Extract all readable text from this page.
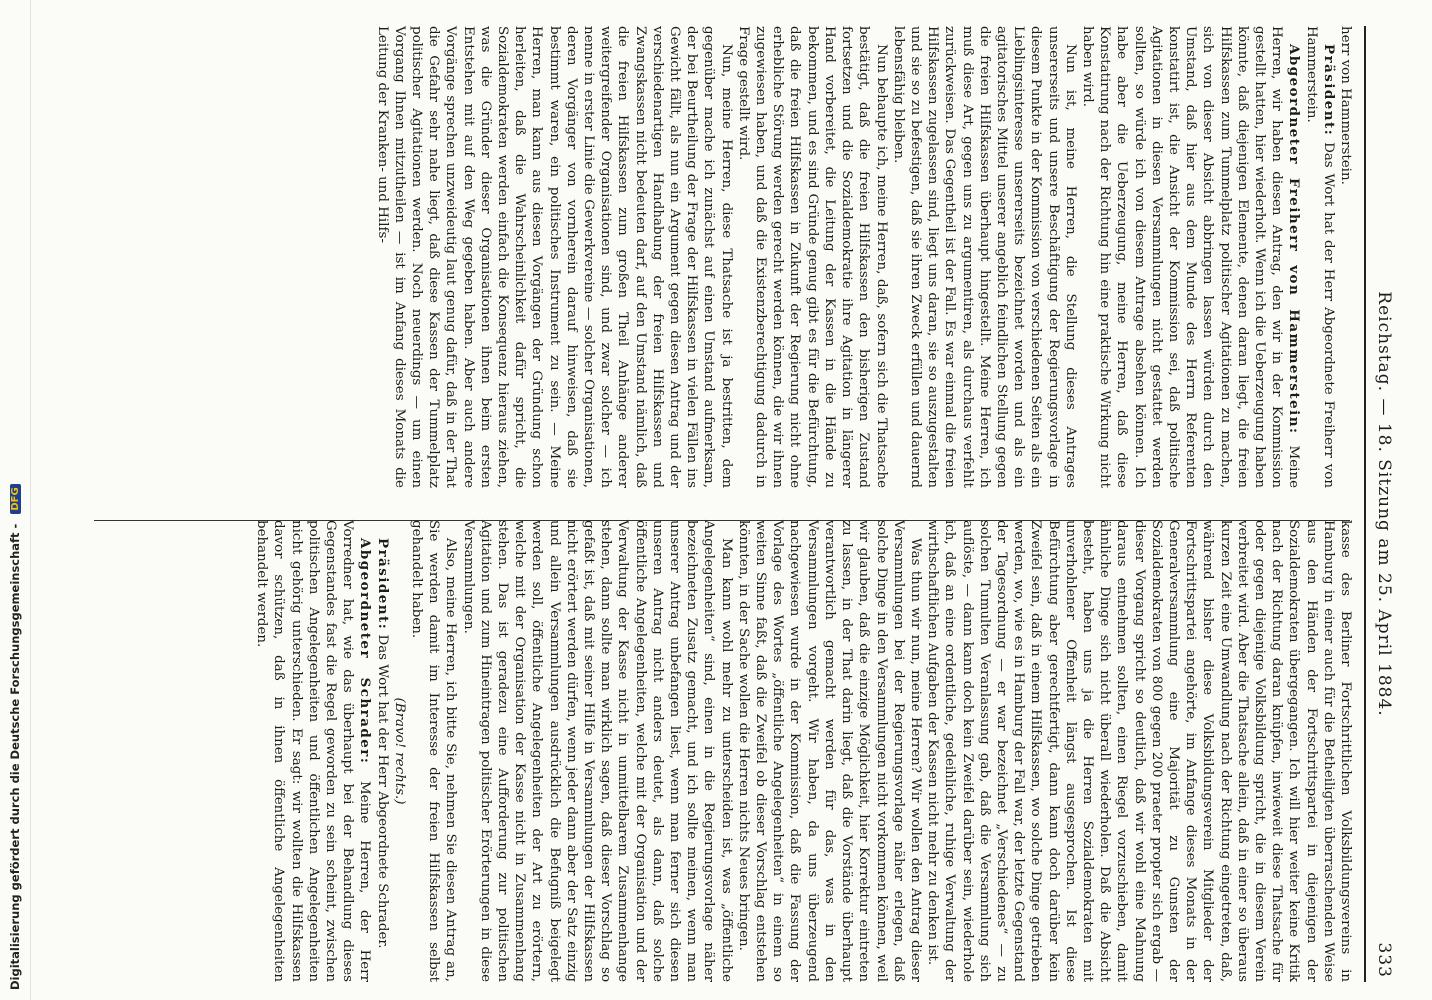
Digitalisierung gefördert durch die Deutsche Forschungsgemeinschaft - DFG	Reichstag. — 18. Sitzung am 25. April 1884.
333

herr von Hammerstein.

Präsident: Das Wort hat der Herr Abgeordnete Freiherr von Hammerstein.

Abgeordneter Freiherr von Hammerstein: Meine Herren, wir haben diesen Antrag, den wir in der Kommission gestellt hatten, hier wiederholt. Wenn ich die Ueberzeugung haben könnte, daß diejenigen Elemente, denen daran liegt, die freien Hilfskassen zum Tummelplatz politischer Agitationen zu machen, sich von dieser Absicht abbringen lassen würden durch den Umstand, daß hier aus dem Munde des Herrn Referenten konstatirt ist, die Ansicht der Kommission sei, daß politische Agitationen in diesen Versammlungen nicht gestattet werden sollten, so würde ich von diesem Antrage absehen können. Ich habe aber die Ueberzeugung, meine Herren, daß diese Konstatirung nach der Richtung hin eine praktische Wirkung nicht haben wird.

Nun ist, meine Herren, die Stellung dieses Antrages unsererseits und unsere Beschäftigung der Regierungsvorlage in diesem Punkte in der Kommission von verschiedenen Seiten als ein Lieblingsinteresse unsererseits bezeichnet worden und als ein agitatorisches Mittel unserer angeblich feindlichen Stellung gegen die freien Hilfskassen überhaupt hingestellt. Meine Herren, ich muß diese Art, gegen uns zu argumentiren, als durchaus verfehlt zurückweisen. Das Gegentheil ist der Fall. Es war einmal die freien Hilfskassen zugelassen sind, liegt uns daran, sie so auszugestalten und sie so zu befestigen, daß sie ihren Zweck erfüllen und dauernd lebensfähig bleiben.

Nun behaupte ich, meine Herren, daß, sofern sich die Thatsache bestätigt, daß die freien Hilfskassen den bisherigen Zustand fortsetzen und die Sozialdemokratie ihre Agitation in längerer Hand vorbereitet, die Leitung der Kassen in die Hände zu bekommen, und es sind Gründe genug gibt es für die Befürchtung, daß die freien Hilfskassen in Zukunft der Regierung nicht ohne erhebliche Störung werden gerecht werden können, die wir ihnen zugewiesen haben, und daß die Existenzberechtigung dadurch in Frage gestellt wird.

Nun, meine Herren, diese Thatsache ist ja bestritten, dem gegenüber mache ich zunächst auf einen Umstand aufmerksam, der bei Beurtheilung der Frage der Hilfskassen in vielen Fällen ins Gewicht fällt, als nun ein Argument gegen diesen Antrag und der verschiedenartigen Handhabung der freien Hilfskassen und Zwangskassen nicht bedeuten darf, auf den Umstand nämlich, daß die freien Hilfskassen zum großen Theil Anhänge anderer weitergreifender Organisationen sind, und zwar solcher — ich nenne in erster Linie die Gewerkvereine — solcher Organisationen, deren Vorgänger von vornherein darauf hinweisen, daß sie bestimmt waren, ein politisches Instrument zu sein. — Meine Herren, man kann aus diesen Vorgängen der Gründung schon herleiten, daß die Wahrscheinlichkeit dafür spricht, die Sozialdemokraten werden einfach die Konsequenz hieraus ziehen, was die Gründer dieser Organisationen ihnen beim ersten Entstehen mit auf den Weg gegeben haben. Aber auch andere Vorgänge sprechen unzweideutig laut genug dafür, daß in der That die Gefahr sehr nahe liegt, daß diese Kassen der Tummelplatz politischer Agitationen werden. Noch neuerdings — um einen Vorgang Ihnen mitzutheilen — ist im Anfang dieses Monats die Leitung der Kranken- und Hilfs-

kasse des Berliner Fortschrittlichen Volksbildungsvereins in Hamburg in einer auch für die Betheiligten überraschenden Weise aus den Händen der Fortschrittspartei in diejenigen der Sozialdemokraten übergegangen. Ich will hier weiter keine Kritik nach der Richtung daran knüpfen, inwieweit diese Thatsache für oder gegen diejenige Volksbildung spricht, die in diesem Verein verbreitet wird. Aber die Thatsache allein, daß in einer so überaus kurzen Zeit eine Umwandlung nach der Richtung eingetreten, daß, während bisher diese Volksbildungsverein Mitglieder der Fortschrittspartei angehörte, im Anfange dieses Monats in der Generalversammlung eine Majorität zu Gunsten der Sozialdemokraten von 800 gegen 200 praeter propter sich ergab — dieser Vorgang spricht so deutlich, daß wir wohl eine Mahnung daraus entnehmen sollten, einen Riegel vorzuschieben, damit ähnliche Dinge sich nicht überall wiederholen. Daß die Absicht besteht, haben uns ja die Herren Sozialdemokraten mit unverhohlener Offenheit längst ausgesprochen. Ist diese Befürchtung aber gerechtfertigt, dann kann doch darüber kein Zweifel sein, daß in einem Hilfskassen, wo solche Dinge getrieben werden, wo, wie es in Hamburg der Fall war, der letzte Gegenstand der Tagesordnung — er war bezeichnet „Verschiedenes“ — zu solchen Tumulten Veranlassung gab, daß die Versammlung sich auflöste, — dann kann doch kein Zweifel darüber sein, wiederhole ich, daß an eine ordentliche, gedeihliche, ruhige Verwaltung der wirthschaftlichen Aufgaben der Kassen nicht mehr zu denken ist.

Was thun wir nun, meine Herren? Wir wollen den Antrag dieser Versammlungen bei der Regierungsvorlage näher erlegen, daß solche Dinge in den Versammlungen nicht vorkommen können, weil wir glauben, daß die einzige Möglichkeit, hier Korrektur eintreten zu lassen, in der That darin liegt, daß die Vorstände überhaupt verantwortlich gemacht werden für das, was in den Versammlungen vorgeht. Wir haben, da uns überzeugend nachgewiesen wurde in der Kommission, daß die Fassung der Vorlage des Wortes „öffentliche Angelegenheiten“ in einem so weiten Sinne faßt, daß die Zweifel ob dieser Vorschlag entstehen könnten, in der Sache wollen die Herren nichts Neues bringen.

Man kann wohl mehr zu unterscheiden ist, was „öffentliche Angelegenheiten“ sind, einen in die Regierungsvorlage näher bezeichneten Zusatz gemacht, und ich sollte meinen, wenn man unserer Antrag unbefangen liest, wenn man ferner sich diesen unseren Antrag nicht anders deutet, als dann, daß solche öffentliche Angelegenheiten, welche mit der Organisation und der Verwaltung der Kasse nicht in unmittelbarem Zusammenhange stehen, dann sollte man wirklich sagen, daß dieser Vorschlag so gefaßt ist, daß mit seiner Hilfe in Versammlungen der Hilfskassen nicht erörtert werden dürfen, wenn jeder dann aber der Satz einzig und allein Versammlungen ausdrücklich die Befugniß beigelegt werden soll, öffentliche Angelegenheiten der Art zu erörtern, welche mit der Organisation der Kasse nicht in Zusammenhang stehen. Das ist geradezu eine Aufforderung zur politischen Agitation und zum Hineintragen politischer Erörterungen in diese Versammlungen.

Also, meine Herren, ich bitte Sie, nehmen Sie diesen Antrag an, Sie werden damit im Interesse der freien Hilfskassen selbst gehandelt haben.

(Bravo! rechts.)

Präsident: Das Wort hat der Herr Abgeordnete Schrader.

Abgeordneter Schrader: Meine Herren, der Herr Vorredner hat, wie das überhaupt bei der Behandlung dieses Gegenstandes fast die Regel geworden zu sein scheint, zwischen politischen Angelegenheiten und öffentlichen Angelegenheiten nicht gehörig unterschieden. Er sagt: wir wollten die Hilfskassen davor schützen, daß in ihnen öffentliche Angelegenheiten behandelt werden.
